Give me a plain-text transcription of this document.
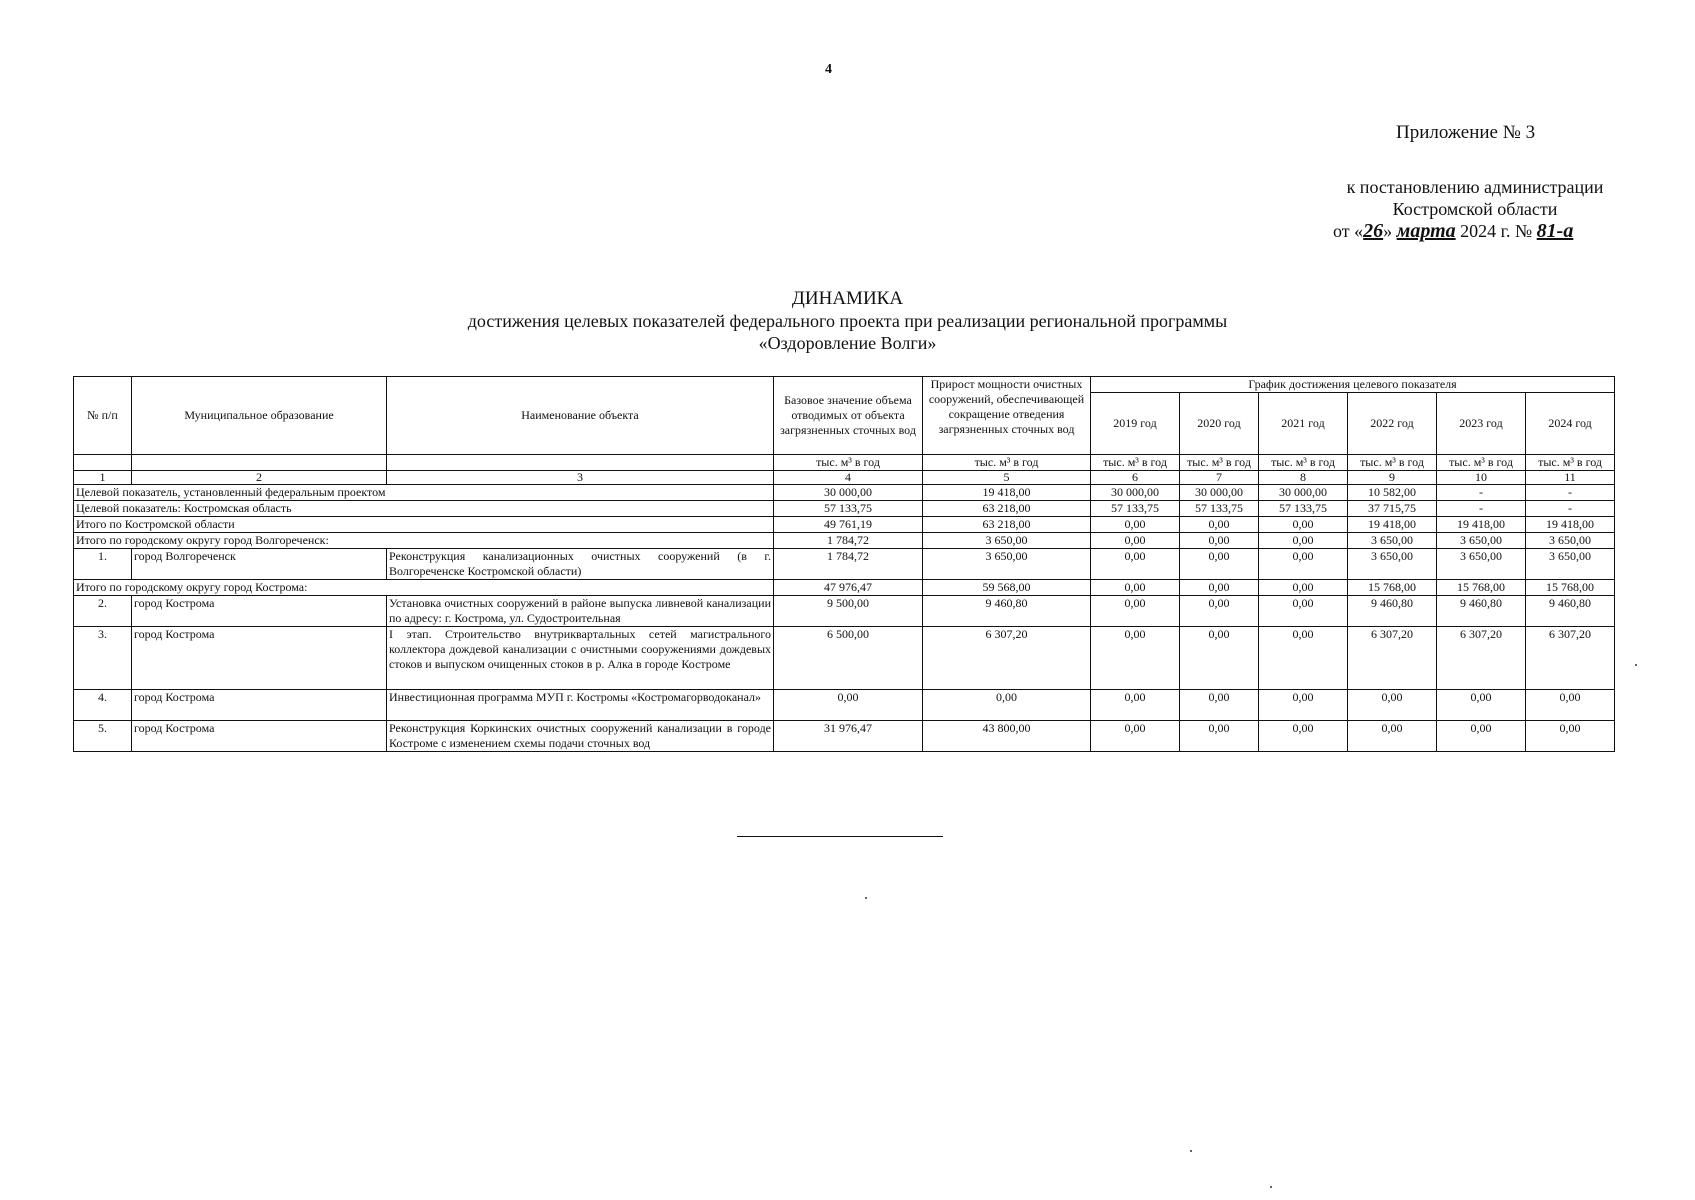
4
Приложение № 3
к постановлению администрации
Костромской области
от «26» марта 2024 г. № 81-а
ДИНАМИКА
достижения целевых показателей федерального проекта при реализации региональной программы
«Оздоровление Волги»
№ п/п	Муниципальное образование	Наименование объекта	Базовое значение объема отводимых от объекта загрязненных сточных вод	Прирост мощности очистных сооружений, обеспечивающей сокращение отведения загрязненных сточных вод	График достижения целевого показателя					
					2019 год	2020 год	2021 год	2022 год	2023 год	2024 год
			тыс. м³ в год	тыс. м³ в год	тыс. м³ в год	тыс. м³ в год	тыс. м³ в год	тыс. м³ в год	тыс. м³ в год	тыс. м³ в год
1	2	3	4	5	6	7	8	9	10	11
Целевой показатель, установленный федеральным проектом			30 000,00	19 418,00	30 000,00	30 000,00	30 000,00	10 582,00	-	-
Целевой показатель: Костромская область			57 133,75	63 218,00	57 133,75	57 133,75	57 133,75	37 715,75	-	-
Итого по Костромской области			49 761,19	63 218,00	0,00	0,00	0,00	19 418,00	19 418,00	19 418,00
Итого по городскому округу город Волгореченск:			1 784,72	3 650,00	0,00	0,00	0,00	3 650,00	3 650,00	3 650,00
1.	город Волгореченск	Реконструкция канализационных очистных сооружений (в г. Волгореченске Костромской области)	1 784,72	3 650,00	0,00	0,00	0,00	3 650,00	3 650,00	3 650,00
Итого по городскому округу город Кострома:			47 976,47	59 568,00	0,00	0,00	0,00	15 768,00	15 768,00	15 768,00
2.	город Кострома	Установка очистных сооружений в районе выпуска ливневой канализации по адресу: г. Кострома, ул. Судостроительная	9 500,00	9 460,80	0,00	0,00	0,00	9 460,80	9 460,80	9 460,80
3.	город Кострома	I этап. Строительство внутриквартальных сетей магистрального коллектора дождевой канализации с очистными сооружениями дождевых стоков и выпуском очищенных стоков в р. Алка в городе Костроме	6 500,00	6 307,20	0,00	0,00	0,00	6 307,20	6 307,20	6 307,20
4.	город Кострома	Инвестиционная программа МУП г. Костромы «Костромагорводоканал»	0,00	0,00	0,00	0,00	0,00	0,00	0,00	0,00
5.	город Кострома	Реконструкция Коркинских очистных сооружений канализации в городе Костроме с изменением схемы подачи сточных вод	31 976,47	43 800,00	0,00	0,00	0,00	0,00	0,00	0,00
